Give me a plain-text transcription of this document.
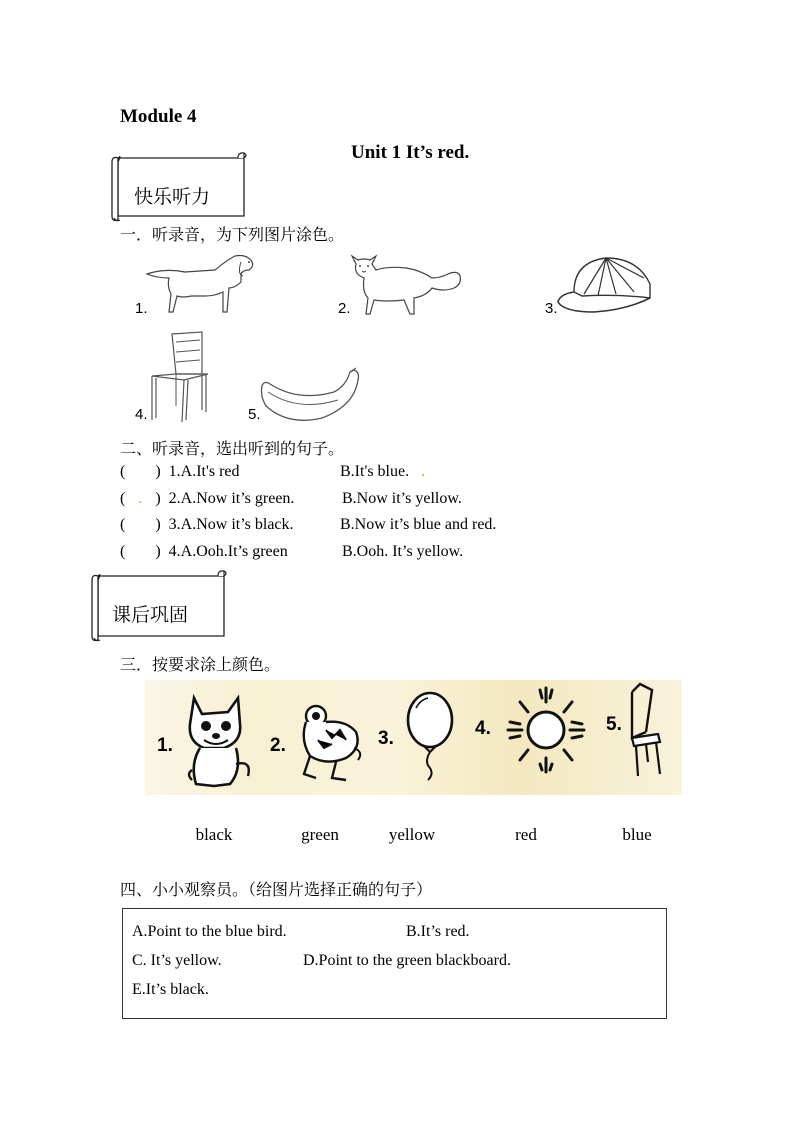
Module 4
Unit 1 It’s red.
快乐听力
一．听录音，为下列图片涂色。
1.	2.	3.
4.	5.
二、听录音，选出听到的句子。
( ) 1.A.It's red	B.It's blue. .
( . ) 2.A.Now it’s green.	B.Now it’s yellow.
( ) 3.A.Now it’s black.	B.Now it’s blue and red.
( ) 4.A.Ooh.It’s green	B.Ooh. It’s yellow.
课后巩固
三．按要求涂上颜色。
1.	2.	3.	4.	5.
black	green	yellow	red	blue
四、小小观察员。（给图片选择正确的句子）
A.Point to the blue bird.	B.It’s red.
C. It’s yellow.	D.Point to the green blackboard.
E.It’s black.
